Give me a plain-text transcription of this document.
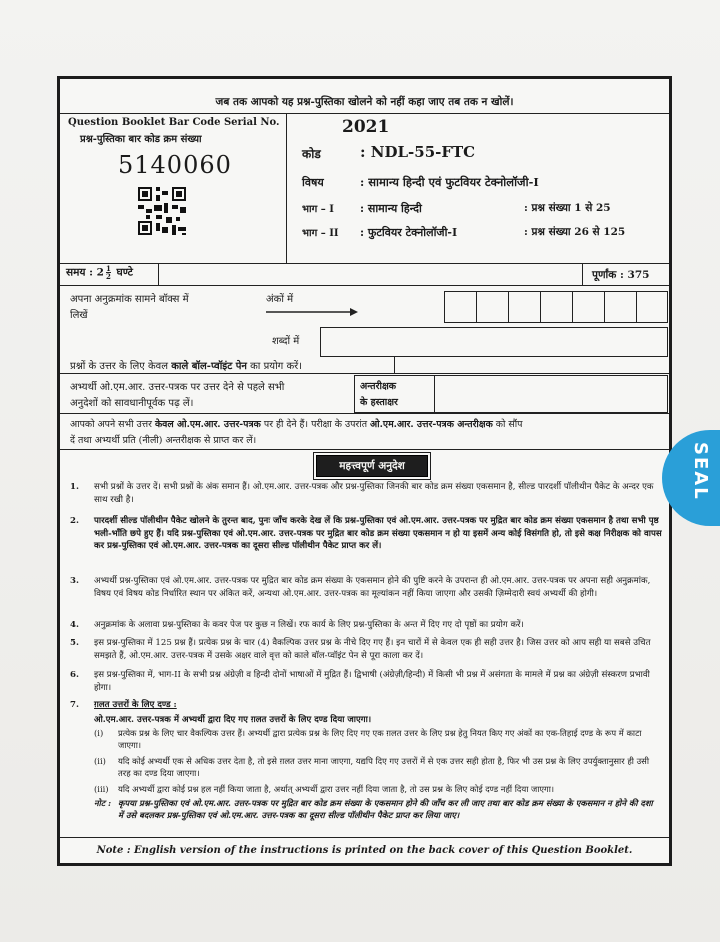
जब तक आपको यह प्रश्न-पुस्तिका खोलने को नहीं कहा जाए तब तक न खोलें।
Question Booklet Bar Code Serial No.
प्रश्न-पुस्तिका बार कोड क्रम संख्या
5140060
2021
कोड	: NDL-55-FTC
विषय	: सामान्य हिन्दी एवं फुटवियर टेक्नोलॉजी-I
भाग – I : सामान्य हिन्दी	: प्रश्न संख्या 1 से 25
भाग – II : फुटवियर टेक्नोलॉजी-I	: प्रश्न संख्या 26 से 125
समय : $2 \frac{1}{2}$ घण्टे	पूर्णांक : 375
अपना अनुक्रमांक सामने बॉक्स में
लिखें
अंकों में
शब्दों में
प्रश्नों के उत्तर के लिए केवल काले बॉल-प्वॉइंट पेन का प्रयोग करें।
अभ्यर्थी ओ.एम.आर. उत्तर-पत्रक पर उत्तर देने से पहले सभी
अनुदेशों को सावधानीपूर्वक पढ़ लें।
अन्तरीक्षक
के हस्ताक्षर
आपको अपने सभी उत्तर केवल ओ.एम.आर. उत्तर-पत्रक पर ही देने हैं। परीक्षा के उपरांत ओ.एम.आर. उत्तर-पत्रक अन्तरीक्षक को सौंप
दें तथा अभ्यर्थी प्रति (नीली) अन्तरीक्षक से प्राप्त कर लें।
महत्त्वपूर्ण अनुदेश
1.	सभी प्रश्नों के उत्तर दें। सभी प्रश्नों के अंक समान हैं। ओ.एम.आर. उत्तर-पत्रक और प्रश्न-पुस्तिका जिनकी बार कोड क्रम संख्या एकसमान है, सील्ड पारदर्शी पॉलीथीन पैकेट के अन्दर एक साथ रखी है।
2.	पारदर्शी सील्ड पॉलीथीन पैकेट खोलने के तुरन्त बाद, पुनः जाँच करके देख लें कि प्रश्न-पुस्तिका एवं ओ.एम.आर. उत्तर-पत्रक पर मुद्रित बार कोड क्रम संख्या एकसमान है तथा सभी पृष्ठ भली-भाँति छपे हुए हैं। यदि प्रश्न-पुस्तिका एवं ओ.एम.आर. उत्तर-पत्रक पर मुद्रित बार कोड क्रम संख्या एकसमान न हो या इसमें अन्य कोई विसंगति हो, तो इसे कक्ष निरीक्षक को वापस कर प्रश्न-पुस्तिका एवं ओ.एम.आर. उत्तर-पत्रक का दूसरा सील्ड पॉलीथीन पैकेट प्राप्त कर लें।
3.	अभ्यर्थी प्रश्न-पुस्तिका एवं ओ.एम.आर. उत्तर-पत्रक पर मुद्रित बार कोड क्रम संख्या के एकसमान होने की पुष्टि करने के उपरान्त ही ओ.एम.आर. उत्तर-पत्रक पर अपना सही अनुक्रमांक, विषय एवं विषय कोड निर्धारित स्थान पर अंकित करें, अन्यथा ओ.एम.आर. उत्तर-पत्रक का मूल्यांकन नहीं किया जाएगा और उसकी ज़िम्मेदारी स्वयं अभ्यर्थी की होगी।
4.	अनुक्रमांक के अलावा प्रश्न-पुस्तिका के कवर पेज पर कुछ न लिखें। रफ कार्य के लिए प्रश्न-पुस्तिका के अन्त में दिए गए दो पृष्ठों का प्रयोग करें।
5.	इस प्रश्न-पुस्तिका में 125 प्रश्न हैं। प्रत्येक प्रश्न के चार (4) वैकल्पिक उत्तर प्रश्न के नीचे दिए गए हैं। इन चारों में से केवल एक ही सही उत्तर है। जिस उत्तर को आप सही या सबसे उचित समझते हैं, ओ.एम.आर. उत्तर-पत्रक में उसके अक्षर वाले वृत्त को काले बॉल-प्वॉइंट पेन से पूरा काला कर दें।
6.	इस प्रश्न-पुस्तिका में, भाग-II के सभी प्रश्न अंग्रेज़ी व हिन्दी दोनों भाषाओं में मुद्रित हैं। द्विभाषी (अंग्रेज़ी/हिन्दी) में किसी भी प्रश्न में असंगता के मामले में प्रश्न का अंग्रेज़ी संस्करण प्रभावी होगा।
7.	ग़लत उत्तरों के लिए दण्ड :
ओ.एम.आर. उत्तर-पत्रक में अभ्यर्थी द्वारा दिए गए ग़लत उत्तरों के लिए दण्ड दिया जाएगा।
(i)	प्रत्येक प्रश्न के लिए चार वैकल्पिक उत्तर हैं। अभ्यर्थी द्वारा प्रत्येक प्रश्न के लिए दिए गए एक ग़लत उत्तर के लिए प्रश्न हेतु नियत किए गए अंकों का एक-तिहाई दण्ड के रूप में काटा जाएगा।
(ii)	यदि कोई अभ्यर्थी एक से अधिक उत्तर देता है, तो इसे ग़लत उत्तर माना जाएगा, यद्यपि दिए गए उत्तरों में से एक उत्तर सही होता है, फिर भी उस प्रश्न के लिए उपर्युक्तानुसार ही उसी तरह का दण्ड दिया जाएगा।
(iii)	यदि अभ्यर्थी द्वारा कोई प्रश्न हल नहीं किया जाता है, अर्थात् अभ्यर्थी द्वारा उत्तर नहीं दिया जाता है, तो उस प्रश्न के लिए कोई दण्ड नहीं दिया जाएगा।
नोट : कृपया प्रश्न-पुस्तिका एवं ओ.एम.आर. उत्तर-पत्रक पर मुद्रित बार कोड क्रम संख्या के एकसमान होने की जाँच कर ली जाए तथा बार कोड क्रम संख्या के एकसमान न होने की दशा में उसे बदलकर प्रश्न-पुस्तिका एवं ओ.एम.आर. उत्तर-पत्रक का दूसरा सील्ड पॉलीथीन पैकेट प्राप्त कर लिया जाए।
Note : English version of the instructions is printed on the back cover of this Question Booklet.
SEAL
